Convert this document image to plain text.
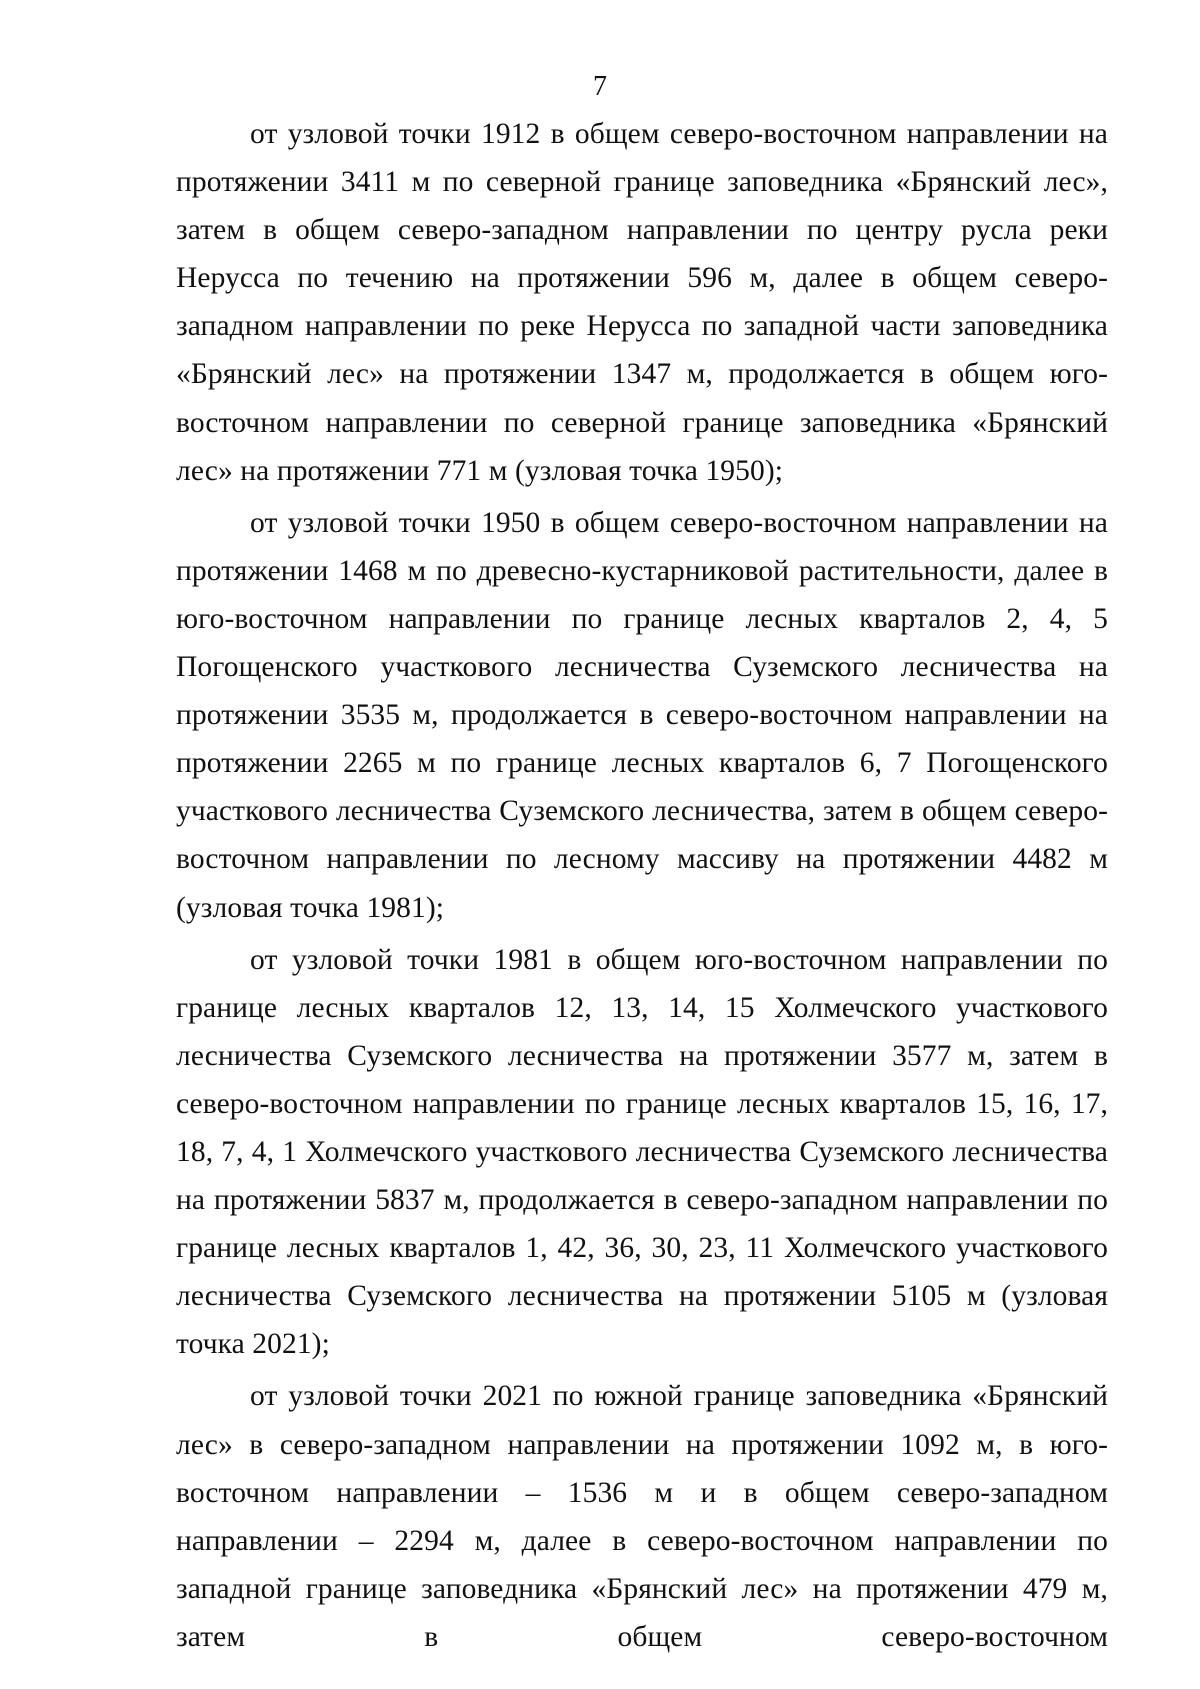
7

от узловой точки 1912 в общем северо-восточном направлении на протяжении 3411 м по северной границе заповедника «Брянский лес», затем в общем северо-западном направлении по центру русла реки Нерусса по течению на протяжении 596 м, далее в общем северо-западном направлении по реке Нерусса по западной части заповедника «Брянский лес» на протяжении 1347 м, продолжается в общем юго-восточном направлении по северной границе заповедника «Брянский лес» на протяжении 771 м (узловая точка 1950);

от узловой точки 1950 в общем северо-восточном направлении на протяжении 1468 м по древесно-кустарниковой растительности, далее в юго-восточном направлении по границе лесных кварталов 2, 4, 5 Погощенского участкового лесничества Суземского лесничества на протяжении 3535 м, продолжается в северо-восточном направлении на протяжении 2265 м по границе лесных кварталов 6, 7 Погощенского участкового лесничества Суземского лесничества, затем в общем северо-восточном направлении по лесному массиву на протяжении 4482 м (узловая точка 1981);

от узловой точки 1981 в общем юго-восточном направлении по границе лесных кварталов 12, 13, 14, 15 Холмечского участкового лесничества Суземского лесничества на протяжении 3577 м, затем в северо-восточном направлении по границе лесных кварталов 15, 16, 17, 18, 7, 4, 1 Холмечского участкового лесничества Суземского лесничества на протяжении 5837 м, продолжается в северо-западном направлении по границе лесных кварталов 1, 42, 36, 30, 23, 11 Холмечского участкового лесничества Суземского лесничества на протяжении 5105 м (узловая точка 2021);

от узловой точки 2021 по южной границе заповедника «Брянский лес» в северо-западном направлении на протяжении 1092 м, в юго-восточном направлении – 1536 м и в общем северо-западном направлении – 2294 м, далее в северо-восточном направлении по западной границе заповедника «Брянский лес» на протяжении 479 м, затем в общем северо-восточном
